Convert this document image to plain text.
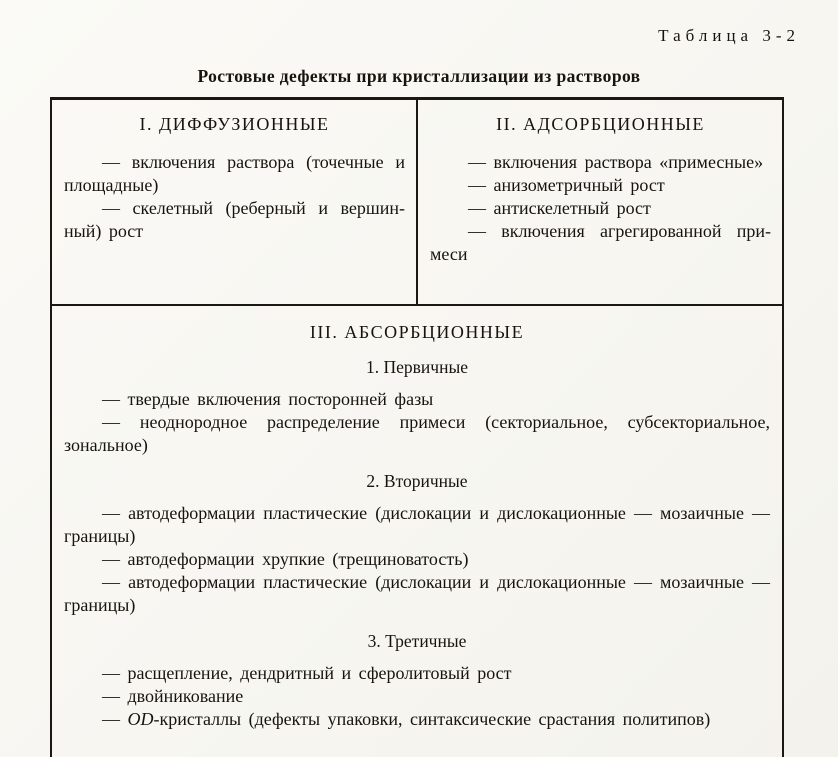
Таблица 3-2
Ростовые дефекты при кристаллизации из растворов
I. ДИФФУЗИОННЫЕ

— включения раствора (точечные и площадные)

— скелетный (реберный и вершинный) рост

II. АДСОРБЦИОННЫЕ

— включения раствора «примесные»

— анизометричный рост

— антискелетный рост

— включения агрегированной примеси

III. АБСОРБЦИОННЫЕ
1. Первичные

— твердые включения посторонней фазы

— неоднородное распределение примеси (секториальное, субсекториальное, зональное)

2. Вторичные

— автодеформации пластические (дислокации и дислокационные — мозаичные — границы)

— автодеформации хрупкие (трещиноватость)

— автодеформации пластические (дислокации и дислокационные — мозаичные — границы)

3. Третичные

— расщепление, дендритный и сферолитовый рост

— двойникование

— OD-кристаллы (дефекты упаковки, синтаксические срастания политипов)
